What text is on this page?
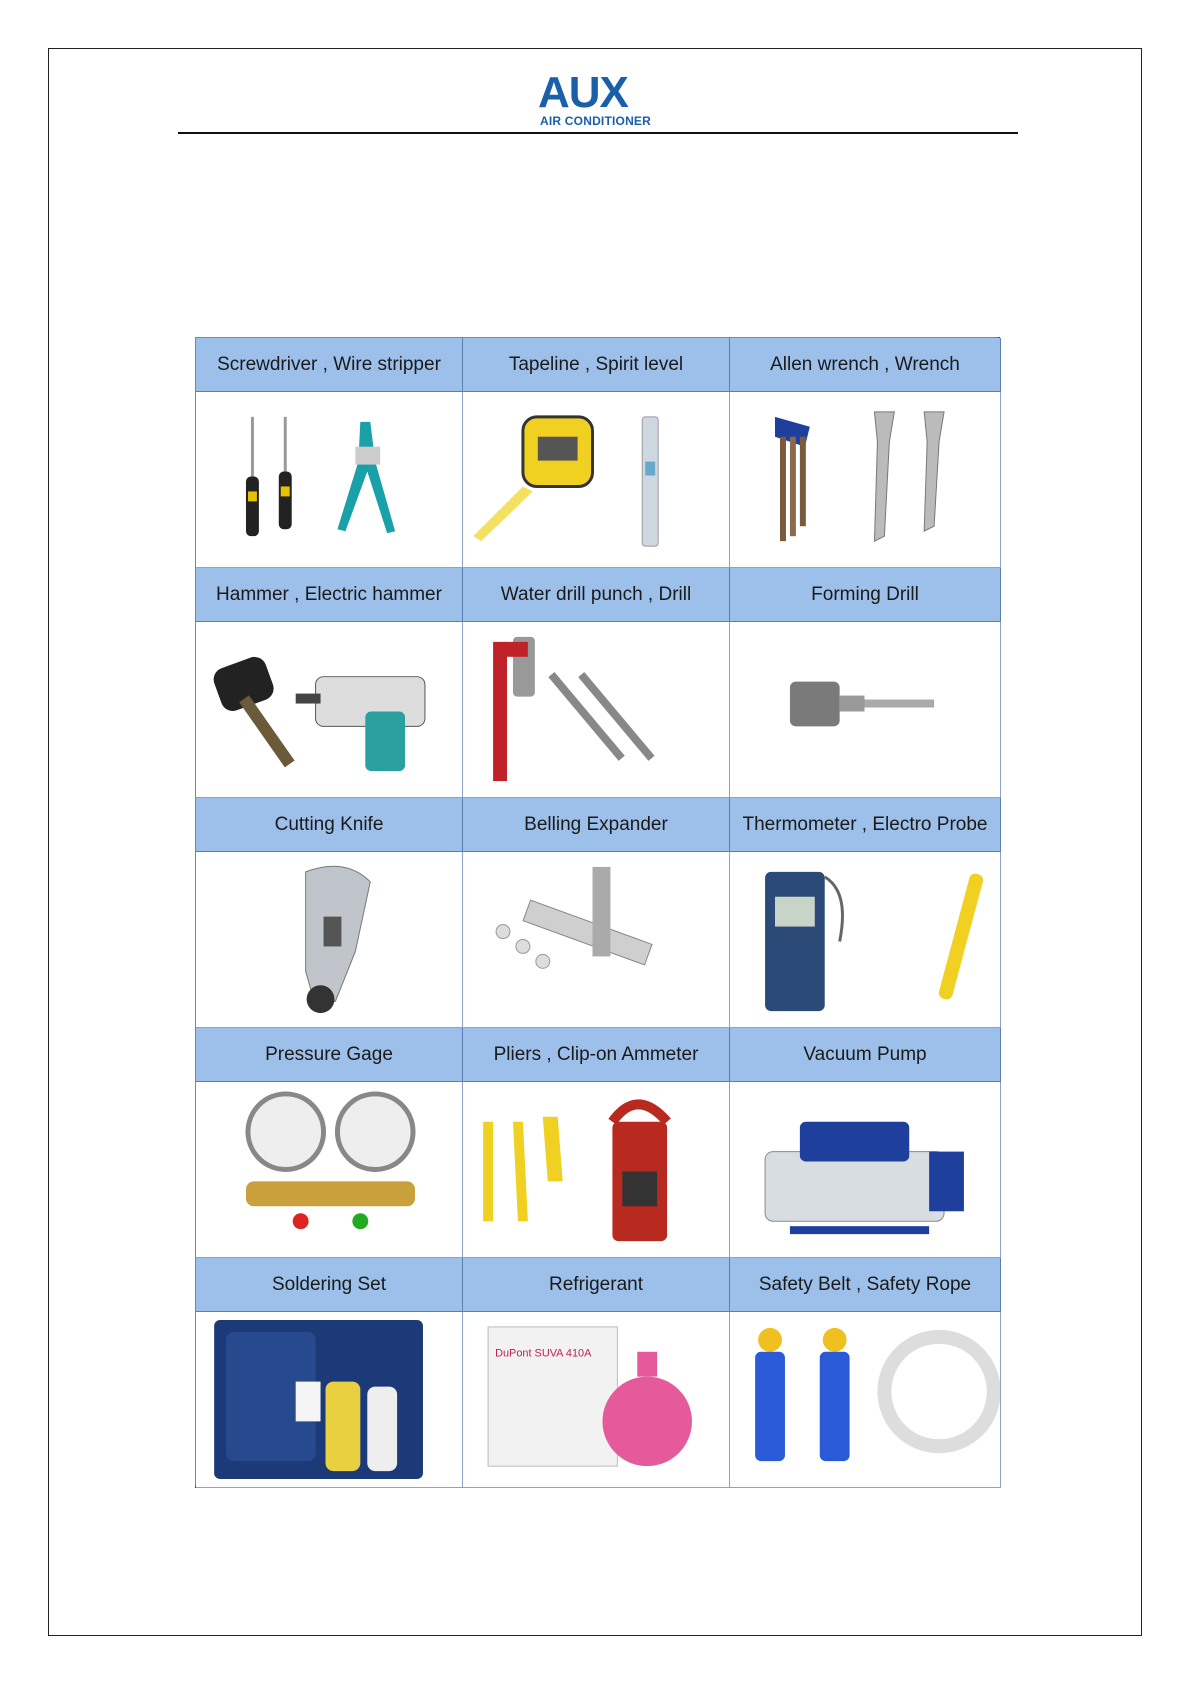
AUX
AIR CONDITIONER
Screwdriver , Wire stripper	Tapeline , Spirit level	Allen wrench , Wrench
Hammer , Electric hammer	Water drill punch , Drill	Forming Drill
Cutting Knife	Belling Expander	Thermometer , Electro Probe
Pressure Gage	Pliers , Clip-on Ammeter	Vacuum Pump
Soldering Set	Refrigerant	Safety Belt , Safety Rope
DuPont SUVA 410A
